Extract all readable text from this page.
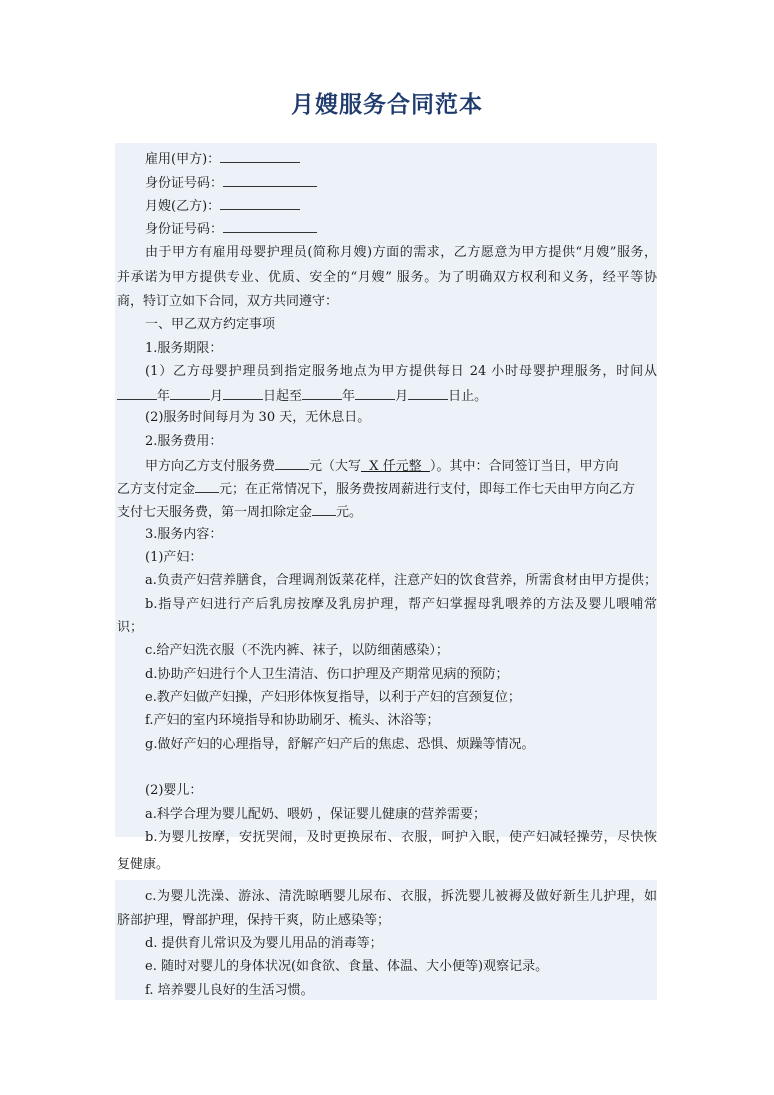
月嫂服务合同范本
雇用(甲方)：
身份证号码：
月嫂(乙方)：
身份证号码：
由于甲方有雇用母婴护理员(简称月嫂)方面的需求，乙方愿意为甲方提供“月嫂”服务，
并承诺为甲方提供专业、优质、安全的“月嫂” 服务。为了明确双方权利和义务，经平等协
商，特订立如下合同，双方共同遵守：
一、甲乙双方约定事项
1.服务期限：
(1）乙方母婴护理员到指定服务地点为甲方提供每日 24 小时母婴护理服务，时间从
年	月	日起至	年	月	日止。
(2)服务时间每月为 30 天，无休息日。
2.服务费用：
甲方向乙方支付服务费	元（大写  X 仟元整  ）。其中：合同签订当日，甲方向
乙方支付定金 元；在正常情况下，服务费按周薪进行支付，即每工作七天由甲方向乙方
支付七天服务费，第一周扣除定金 元。
3.服务内容：
(1)产妇：
a.负责产妇营养膳食，合理调剂饭菜花样，注意产妇的饮食营养，所需食材由甲方提供；
b.指导产妇进行产后乳房按摩及乳房护理，帮产妇掌握母乳喂养的方法及婴儿喂哺常
识；
c.给产妇洗衣服（不洗内裤、袜子，以防细菌感染）；
d.协助产妇进行个人卫生清洁、伤口护理及产期常见病的预防；
e.教产妇做产妇操，产妇形体恢复指导，以利于产妇的宫颈复位；
f.产妇的室内环境指导和协助刷牙、梳头、沐浴等；
g.做好产妇的心理指导，舒解产妇产后的焦虑、恐惧、烦躁等情况。
(2)婴儿：
a.科学合理为婴儿配奶、喂奶 ，保证婴儿健康的营养需要；
b.为婴儿按摩，安抚哭闹，及时更换尿布、衣服，呵护入眠，使产妇减轻操劳，尽快恢
复健康。
c.为婴儿洗澡、游泳、清洗晾晒婴儿尿布、衣服，拆洗婴儿被褥及做好新生儿护理，如
脐部护理，臀部护理，保持干爽，防止感染等；
d. 提供育儿常识及为婴儿用品的消毒等；
e. 随时对婴儿的身体状况(如食欲、食量、体温、大小便等)观察记录。
f. 培养婴儿良好的生活习惯。
